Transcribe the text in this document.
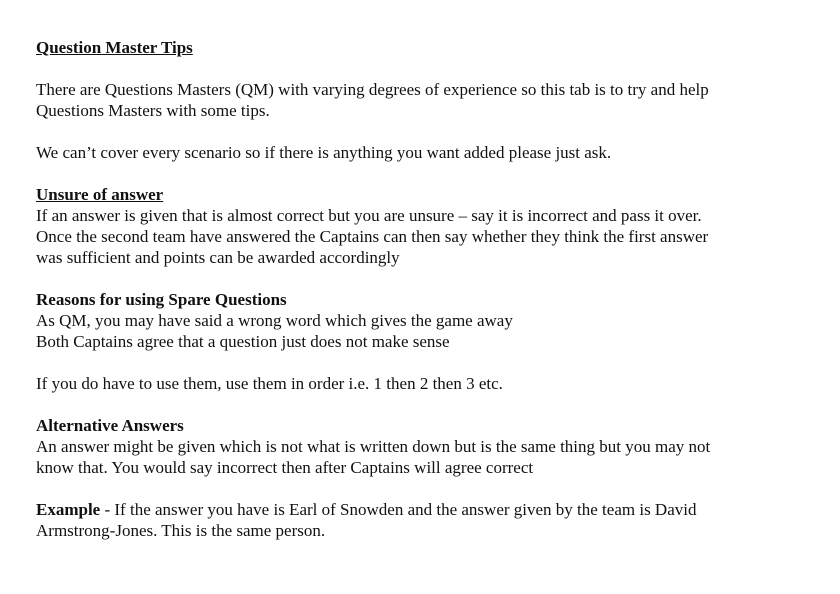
Question Master Tips

There are Questions Masters (QM) with varying degrees of experience so this tab is to try and help

Questions Masters with some tips.

We can’t cover every scenario so if there is anything you want added please just ask.

Unsure of answer

If an answer is given that is almost correct but you are unsure – say it is incorrect and pass it over.

Once the second team have answered the Captains can then say whether they think the first answer

was sufficient and points can be awarded accordingly

Reasons for using Spare Questions

As QM, you may have said a wrong word which gives the game away

Both Captains agree that a question just does not make sense

If you do have to use them, use them in order i.e. 1 then 2 then 3 etc.

Alternative Answers

An answer might be given which is not what is written down but is the same thing but you may not

know that. You would say incorrect then after Captains will agree correct

Example - If the answer you have is Earl of Snowden and the answer given by the team is David

Armstrong-Jones. This is the same person.
